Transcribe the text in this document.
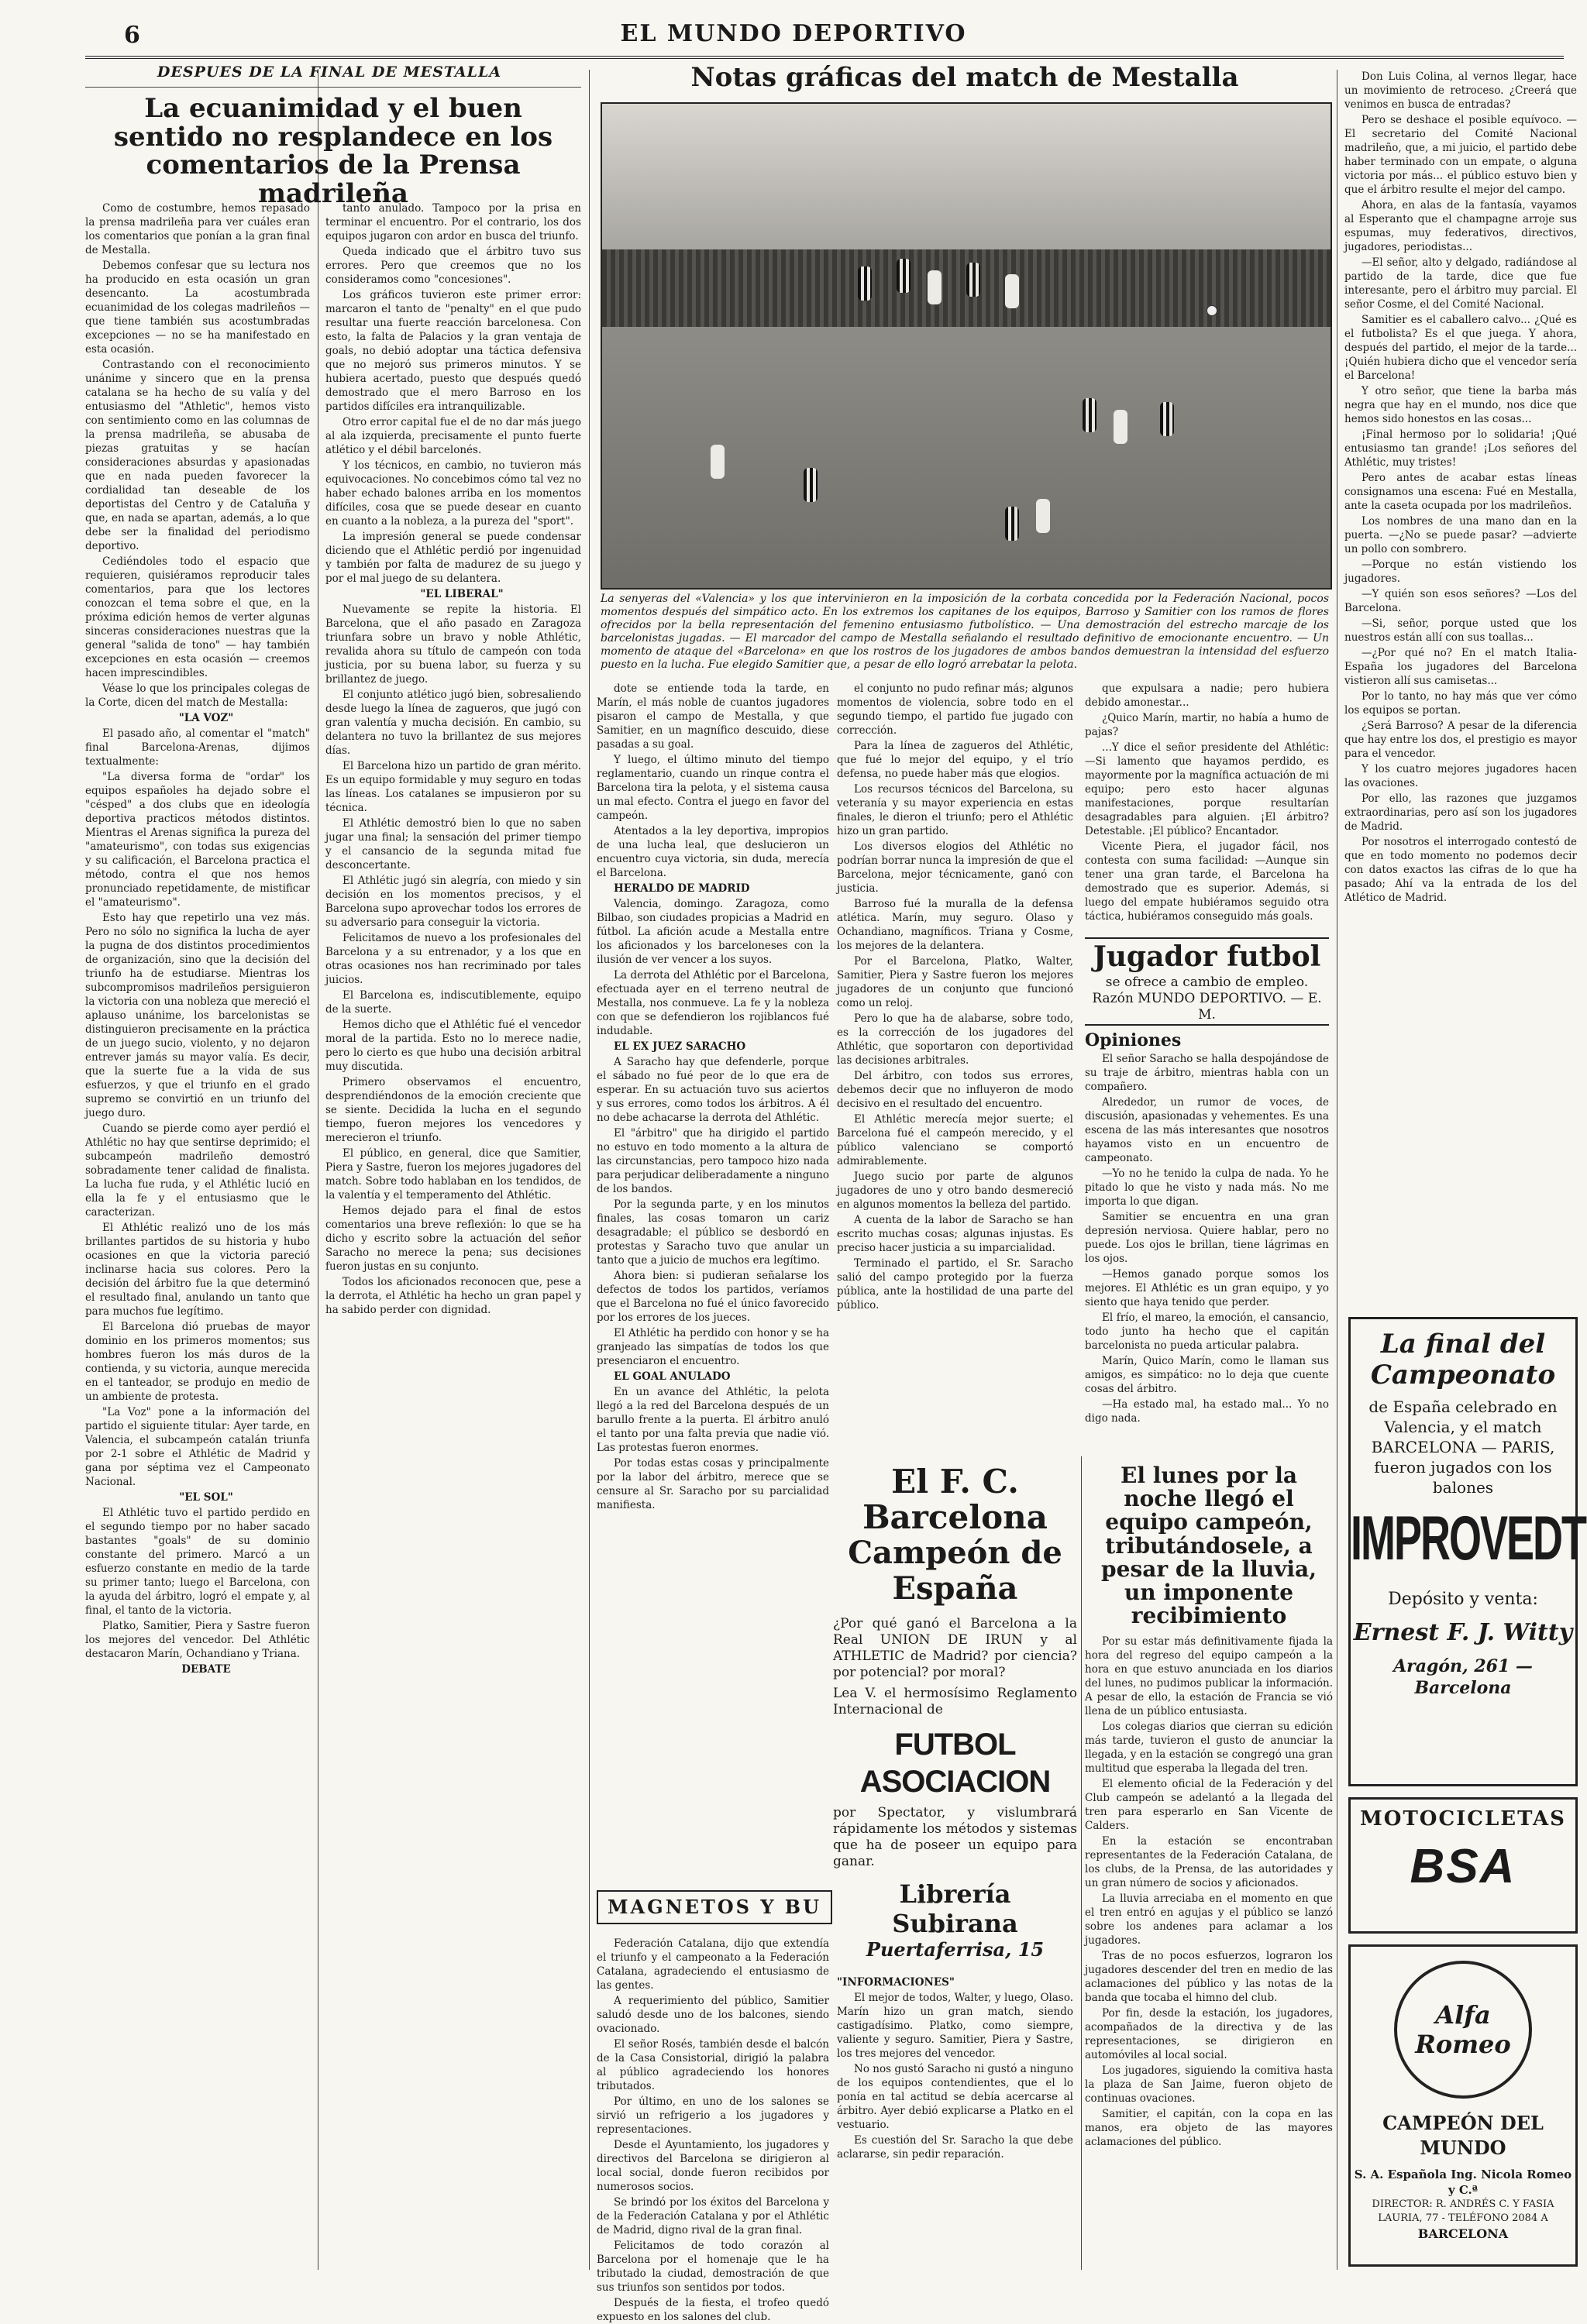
6	EL MUNDO DEPORTIVO
DESPUES DE LA FINAL DE MESTALLA
La ecuanimidad y el buen sentido no resplandece en los comentarios de la Prensa madrileña

Como de costumbre, hemos repasado la prensa madrileña para ver cuáles eran los comentarios que ponían a la gran final de Mestalla.

Debemos confesar que su lectura nos ha producido en esta ocasión un gran desencanto. La acostumbrada ecuanimidad de los colegas madrileños — que tiene también sus acostumbradas excepciones — no se ha manifestado en esta ocasión.

Contrastando con el reconocimiento unánime y sincero que en la prensa catalana se ha hecho de su valía y del entusiasmo del "Athletic", hemos visto con sentimiento como en las columnas de la prensa madrileña, se abusaba de piezas gratuitas y se hacían consideraciones absurdas y apasionadas que en nada pueden favorecer la cordialidad tan deseable de los deportistas del Centro y de Cataluña y que, en nada se apartan, además, a lo que debe ser la finalidad del periodismo deportivo.

Cediéndoles todo el espacio que requieren, quisiéramos reproducir tales comentarios, para que los lectores conozcan el tema sobre el que, en la próxima edición hemos de verter algunas sinceras consideraciones nuestras que la general "salida de tono" — hay también excepciones en esta ocasión — creemos hacen imprescindibles.

Véase lo que los principales colegas de la Corte, dicen del match de Mestalla:

"LA VOZ"

El pasado año, al comentar el "match" final Barcelona-Arenas, dijimos textualmente:

"La diversa forma de "ordar" los equipos españoles ha dejado sobre el "césped" a dos clubs que en ideología deportiva practicos métodos distintos. Mientras el Arenas significa la pureza del "amateurismo", con todas sus exigencias y su calificación, el Barcelona practica el método, contra el que nos hemos pronunciado repetidamente, de mistificar el "amateurismo".

Esto hay que repetirlo una vez más. Pero no sólo no significa la lucha de ayer la pugna de dos distintos procedimientos de organización, sino que la decisión del triunfo ha de estudiarse. Mientras los subcompromisos madrileños persiguieron la victoria con una nobleza que mereció el aplauso unánime, los barcelonistas se distinguieron precisamente en la práctica de un juego sucio, violento, y no dejaron entrever jamás su mayor valía. Es decir, que la suerte fue a la vida de sus esfuerzos, y que el triunfo en el grado supremo se convirtió en un triunfo del juego duro.

Cuando se pierde como ayer perdió el Athlétic no hay que sentirse deprimido; el subcampeón madrileño demostró sobradamente tener calidad de finalista. La lucha fue ruda, y el Athlétic lució en ella la fe y el entusiasmo que le caracterizan.

El Athlétic realizó uno de los más brillantes partidos de su historia y hubo ocasiones en que la victoria pareció inclinarse hacia sus colores. Pero la decisión del árbitro fue la que determinó el resultado final, anulando un tanto que para muchos fue legítimo.

El Barcelona dió pruebas de mayor dominio en los primeros momentos; sus hombres fueron los más duros de la contienda, y su victoria, aunque merecida en el tanteador, se produjo en medio de un ambiente de protesta.

"La Voz" pone a la información del partido el siguiente titular: Ayer tarde, en Valencia, el subcampeón catalán triunfa por 2-1 sobre el Athlétic de Madrid y gana por séptima vez el Campeonato Nacional.

"EL SOL"

El Athlétic tuvo el partido perdido en el segundo tiempo por no haber sacado bastantes "goals" de su dominio constante del primero. Marcó a un esfuerzo constante en medio de la tarde su primer tanto; luego el Barcelona, con la ayuda del árbitro, logró el empate y, al final, el tanto de la victoria.

Platko, Samitier, Piera y Sastre fueron los mejores del vencedor. Del Athlétic destacaron Marín, Ochandiano y Triana.

DEBATE

tanto anulado. Tampoco por la prisa en terminar el encuentro. Por el contrario, los dos equipos jugaron con ardor en busca del triunfo.

Queda indicado que el árbitro tuvo sus errores. Pero que creemos que no los consideramos como "concesiones".

Los gráficos tuvieron este primer error: marcaron el tanto de "penalty" en el que pudo resultar una fuerte reacción barcelonesa. Con esto, la falta de Palacios y la gran ventaja de goals, no debió adoptar una táctica defensiva que no mejoró sus primeros minutos. Y se hubiera acertado, puesto que después quedó demostrado que el mero Barroso en los partidos difíciles era intranquilizable.

Otro error capital fue el de no dar más juego al ala izquierda, precisamente el punto fuerte atlético y el débil barcelonés.

Y los técnicos, en cambio, no tuvieron más equivocaciones. No concebimos cómo tal vez no haber echado balones arriba en los momentos difíciles, cosa que se puede desear en cuanto en cuanto a la nobleza, a la pureza del "sport".

La impresión general se puede condensar diciendo que el Athlétic perdió por ingenuidad y también por falta de madurez de su juego y por el mal juego de su delantera.

"EL LIBERAL"

Nuevamente se repite la historia. El Barcelona, que el año pasado en Zaragoza triunfara sobre un bravo y noble Athlétic, revalida ahora su título de campeón con toda justicia, por su buena labor, su fuerza y su brillantez de juego.

El conjunto atlético jugó bien, sobresaliendo desde luego la línea de zagueros, que jugó con gran valentía y mucha decisión. En cambio, su delantera no tuvo la brillantez de sus mejores días.

El Barcelona hizo un partido de gran mérito. Es un equipo formidable y muy seguro en todas las líneas. Los catalanes se impusieron por su técnica.

El Athlétic demostró bien lo que no saben jugar una final; la sensación del primer tiempo y el cansancio de la segunda mitad fue desconcertante.

El Athlétic jugó sin alegría, con miedo y sin decisión en los momentos precisos, y el Barcelona supo aprovechar todos los errores de su adversario para conseguir la victoria.

Felicitamos de nuevo a los profesionales del Barcelona y a su entrenador, y a los que en otras ocasiones nos han recriminado por tales juicios.

El Barcelona es, indiscutiblemente, equipo de la suerte.

Hemos dicho que el Athlétic fué el vencedor moral de la partida. Esto no lo merece nadie, pero lo cierto es que hubo una decisión arbitral muy discutida.

Primero observamos el encuentro, desprendiéndonos de la emoción creciente que se siente. Decidida la lucha en el segundo tiempo, fueron mejores los vencedores y merecieron el triunfo.

El público, en general, dice que Samitier, Piera y Sastre, fueron los mejores jugadores del match. Sobre todo hablaban en los tendidos, de la valentía y el temperamento del Athlétic.

Hemos dejado para el final de estos comentarios una breve reflexión: lo que se ha dicho y escrito sobre la actuación del señor Saracho no merece la pena; sus decisiones fueron justas en su conjunto.

Todos los aficionados reconocen que, pese a la derrota, el Athlétic ha hecho un gran papel y ha sabido perder con dignidad.

Notas gráficas del match de Mestalla
La senyeras del «Valencia» y los que intervinieron en la imposición de la corbata concedida por la Federación Nacional, pocos momentos después del simpático acto. En los extremos los capitanes de los equipos, Barroso y Samitier con los ramos de flores ofrecidos por la bella representación del femenino entusiasmo futbolístico. — Una demostración del estrecho marcaje de los barcelonistas jugadas. — El marcador del campo de Mestalla señalando el resultado definitivo de emocionante encuentro. — Un momento de ataque del «Barcelona» en que los rostros de los jugadores de ambos bandos demuestran la intensidad del esfuerzo puesto en la lucha. Fue elegido Samitier que, a pesar de ello logró arrebatar la pelota.

dote se entiende toda la tarde, en Marín, el más noble de cuantos jugadores pisaron el campo de Mestalla, y que Samitier, en un magnífico descuido, diese pasadas a su goal.

Y luego, el último minuto del tiempo reglamentario, cuando un rinque contra el Barcelona tira la pelota, y el sistema causa un mal efecto. Contra el juego en favor del campeón.

Atentados a la ley deportiva, impropios de una lucha leal, que deslucieron un encuentro cuya victoria, sin duda, merecía el Barcelona.

HERALDO DE MADRID

Valencia, domingo. Zaragoza, como Bilbao, son ciudades propicias a Madrid en fútbol. La afición acude a Mestalla entre los aficionados y los barceloneses con la ilusión de ver vencer a los suyos.

La derrota del Athlétic por el Barcelona, efectuada ayer en el terreno neutral de Mestalla, nos conmueve. La fe y la nobleza con que se defendieron los rojiblancos fué indudable.

EL EX JUEZ SARACHO

A Saracho hay que defenderle, porque el sábado no fué peor de lo que era de esperar. En su actuación tuvo sus aciertos y sus errores, como todos los árbitros. A él no debe achacarse la derrota del Athlétic.

El "árbitro" que ha dirigido el partido no estuvo en todo momento a la altura de las circunstancias, pero tampoco hizo nada para perjudicar deliberadamente a ninguno de los bandos.

Por la segunda parte, y en los minutos finales, las cosas tomaron un cariz desagradable; el público se desbordó en protestas y Saracho tuvo que anular un tanto que a juicio de muchos era legítimo.

Ahora bien: si pudieran señalarse los defectos de todos los partidos, veríamos que el Barcelona no fué el único favorecido por los errores de los jueces.

El Athlétic ha perdido con honor y se ha granjeado las simpatías de todos los que presenciaron el encuentro.

EL GOAL ANULADO

En un avance del Athlétic, la pelota llegó a la red del Barcelona después de un barullo frente a la puerta. El árbitro anuló el tanto por una falta previa que nadie vió. Las protestas fueron enormes.

Por todas estas cosas y principalmente por la labor del árbitro, merece que se censure al Sr. Saracho por su parcialidad manifiesta.

el conjunto no pudo refinar más; algunos momentos de violencia, sobre todo en el segundo tiempo, el partido fue jugado con corrección.

Para la línea de zagueros del Athlétic, que fué lo mejor del equipo, y el trío defensa, no puede haber más que elogios.

Los recursos técnicos del Barcelona, su veteranía y su mayor experiencia en estas finales, le dieron el triunfo; pero el Athlétic hizo un gran partido.

Los diversos elogios del Athlétic no podrían borrar nunca la impresión de que el Barcelona, mejor técnicamente, ganó con justicia.

Barroso fué la muralla de la defensa atlética. Marín, muy seguro. Olaso y Ochandiano, magníficos. Triana y Cosme, los mejores de la delantera.

Por el Barcelona, Platko, Walter, Samitier, Piera y Sastre fueron los mejores jugadores de un conjunto que funcionó como un reloj.

Pero lo que ha de alabarse, sobre todo, es la corrección de los jugadores del Athlétic, que soportaron con deportividad las decisiones arbitrales.

Del árbitro, con todos sus errores, debemos decir que no influyeron de modo decisivo en el resultado del encuentro.

El Athlétic merecía mejor suerte; el Barcelona fué el campeón merecido, y el público valenciano se comportó admirablemente.

Juego sucio por parte de algunos jugadores de uno y otro bando desmereció en algunos momentos la belleza del partido.

A cuenta de la labor de Saracho se han escrito muchas cosas; algunas injustas. Es preciso hacer justicia a su imparcialidad.

Terminado el partido, el Sr. Saracho salió del campo protegido por la fuerza pública, ante la hostilidad de una parte del público.

MAGNETOS Y BU
El F. C. Barcelona
Campeón de España
¿Por qué ganó el Barcelona a la Real UNION DE IRUN y al ATHLETIC de Madrid? por ciencia? por potencial? por moral?
Lea V. el hermosísimo Reglamento Internacional de
FUTBOL ASOCIACION
por Spectator, y vislumbrará rápidamente los métodos y sistemas que ha de poseer un equipo para ganar.
Librería Subirana
Puertaferrisa, 15

"INFORMACIONES"

El mejor de todos, Walter, y luego, Olaso. Marín hizo un gran match, siendo castigadísimo. Platko, como siempre, valiente y seguro. Samitier, Piera y Sastre, los tres mejores del vencedor.

No nos gustó Saracho ni gustó a ninguno de los equipos contendientes, que el lo ponía en tal actitud se debía acercarse al árbitro. Ayer debió explicarse a Platko en el vestuario.

Es cuestión del Sr. Saracho la que debe aclararse, sin pedir reparación.

que expulsara a nadie; pero hubiera debido amonestar...

¿Quico Marín, martir, no había a humo de pajas?

...Y dice el señor presidente del Athlétic: —Si lamento que hayamos perdido, es mayormente por la magnífica actuación de mi equipo; pero esto hacer algunas manifestaciones, porque resultarían desagradables para alguien. ¡El árbitro? Detestable. ¡El público? Encantador.

Vicente Piera, el jugador fácil, nos contesta con suma facilidad: —Aunque sin tener una gran tarde, el Barcelona ha demostrado que es superior. Además, si luego del empate hubiéramos seguido otra táctica, hubiéramos conseguido más goals.

Jugador futbol
se ofrece a cambio de empleo. Razón MUNDO DEPORTIVO. — E. M.

Opiniones

El señor Saracho se halla despojándose de su traje de árbitro, mientras habla con un compañero.

Alrededor, un rumor de voces, de discusión, apasionadas y vehementes. Es una escena de las más interesantes que nosotros hayamos visto en un encuentro de campeonato.

—Yo no he tenido la culpa de nada. Yo he pitado lo que he visto y nada más. No me importa lo que digan.

Samitier se encuentra en una gran depresión nerviosa. Quiere hablar, pero no puede. Los ojos le brillan, tiene lágrimas en los ojos.

—Hemos ganado porque somos los mejores. El Athlétic es un gran equipo, y yo siento que haya tenido que perder.

El frío, el mareo, la emoción, el cansancio, todo junto ha hecho que el capitán barcelonista no pueda articular palabra.

Marín, Quico Marín, como le llaman sus amigos, es simpático: no lo deja que cuente cosas del árbitro.

—Ha estado mal, ha estado mal... Yo no digo nada.

Don Luis Colina, al vernos llegar, hace un movimiento de retroceso. ¿Creerá que venimos en busca de entradas?

Pero se deshace el posible equívoco. —El secretario del Comité Nacional madrileño, que, a mi juicio, el partido debe haber terminado con un empate, o alguna victoria por más... el público estuvo bien y que el árbitro resulte el mejor del campo.

Ahora, en alas de la fantasía, vayamos al Esperanto que el champagne arroje sus espumas, muy federativos, directivos, jugadores, periodistas...

—El señor, alto y delgado, radiándose al partido de la tarde, dice que fue interesante, pero el árbitro muy parcial. El señor Cosme, el del Comité Nacional.

Samitier es el caballero calvo... ¿Qué es el futbolista? Es el que juega. Y ahora, después del partido, el mejor de la tarde... ¡Quién hubiera dicho que el vencedor sería el Barcelona!

Y otro señor, que tiene la barba más negra que hay en el mundo, nos dice que hemos sido honestos en las cosas...

¡Final hermoso por lo solidaria! ¡Qué entusiasmo tan grande! ¡Los señores del Athlétic, muy tristes!

Pero antes de acabar estas líneas consignamos una escena: Fué en Mestalla, ante la caseta ocupada por los madrileños.

Los nombres de una mano dan en la puerta. —¿No se puede pasar? —advierte un pollo con sombrero.

—Porque no están vistiendo los jugadores.

—Y quién son esos señores? —Los del Barcelona.

—Si, señor, porque usted que los nuestros están allí con sus toallas...

—¿Por qué no? En el match Italia-España los jugadores del Barcelona vistieron allí sus camisetas...

Por lo tanto, no hay más que ver cómo los equipos se portan.

¿Será Barroso? A pesar de la diferencia que hay entre los dos, el prestigio es mayor para el vencedor.

Y los cuatro mejores jugadores hacen las ovaciones.

Por ello, las razones que juzgamos extraordinarias, pero así son los jugadores de Madrid.

Por nosotros el interrogado contestó de que en todo momento no podemos decir con datos exactos las cifras de lo que ha pasado; Ahí va la entrada de los del Atlético de Madrid.

La final del Campeonato
de España celebrado en Valencia, y el match BARCELONA — PARIS, fueron jugados con los balones
IMPROVEDT
Depósito y venta:
Ernest F. J. Witty
Aragón, 261 — Barcelona
El lunes por la noche llegó el equipo campeón, tributándosele, a pesar de la lluvia, un imponente recibimiento

Por su estar más definitivamente fijada la hora del regreso del equipo campeón a la hora en que estuvo anunciada en los diarios del lunes, no pudimos publicar la información. A pesar de ello, la estación de Francia se vió llena de un público entusiasta.

Los colegas diarios que cierran su edición más tarde, tuvieron el gusto de anunciar la llegada, y en la estación se congregó una gran multitud que esperaba la llegada del tren.

El elemento oficial de la Federación y del Club campeón se adelantó a la llegada del tren para esperarlo en San Vicente de Calders.

En la estación se encontraban representantes de la Federación Catalana, de los clubs, de la Prensa, de las autoridades y un gran número de socios y aficionados.

La lluvia arreciaba en el momento en que el tren entró en agujas y el público se lanzó sobre los andenes para aclamar a los jugadores.

Tras de no pocos esfuerzos, lograron los jugadores descender del tren en medio de las aclamaciones del público y las notas de la banda que tocaba el himno del club.

Por fin, desde la estación, los jugadores, acompañados de la directiva y de las representaciones, se dirigieron en automóviles al local social.

Los jugadores, siguiendo la comitiva hasta la plaza de San Jaime, fueron objeto de continuas ovaciones.

Samitier, el capitán, con la copa en las manos, era objeto de las mayores aclamaciones del público.

MOTOCICLETAS
BSA
Alfa Romeo
CAMPEÓN DEL MUNDO
S. A. Española Ing. Nicola Romeo y C.ª
DIRECTOR: R. ANDRÉS C. Y FASIA
LAURIA, 77 - TELÉFONO 2084 A
BARCELONA

Federación Catalana, dijo que extendía el triunfo y el campeonato a la Federación Catalana, agradeciendo el entusiasmo de las gentes.

A requerimiento del público, Samitier saludó desde uno de los balcones, siendo ovacionado.

El señor Rosés, también desde el balcón de la Casa Consistorial, dirigió la palabra al público agradeciendo los honores tributados.

Por último, en uno de los salones se sirvió un refrigerio a los jugadores y representaciones.

Desde el Ayuntamiento, los jugadores y directivos del Barcelona se dirigieron al local social, donde fueron recibidos por numerosos socios.

Se brindó por los éxitos del Barcelona y de la Federación Catalana y por el Athlétic de Madrid, digno rival de la gran final.

Felicitamos de todo corazón al Barcelona por el homenaje que le ha tributado la ciudad, demostración de que sus triunfos son sentidos por todos.

Después de la fiesta, el trofeo quedó expuesto en los salones del club.
